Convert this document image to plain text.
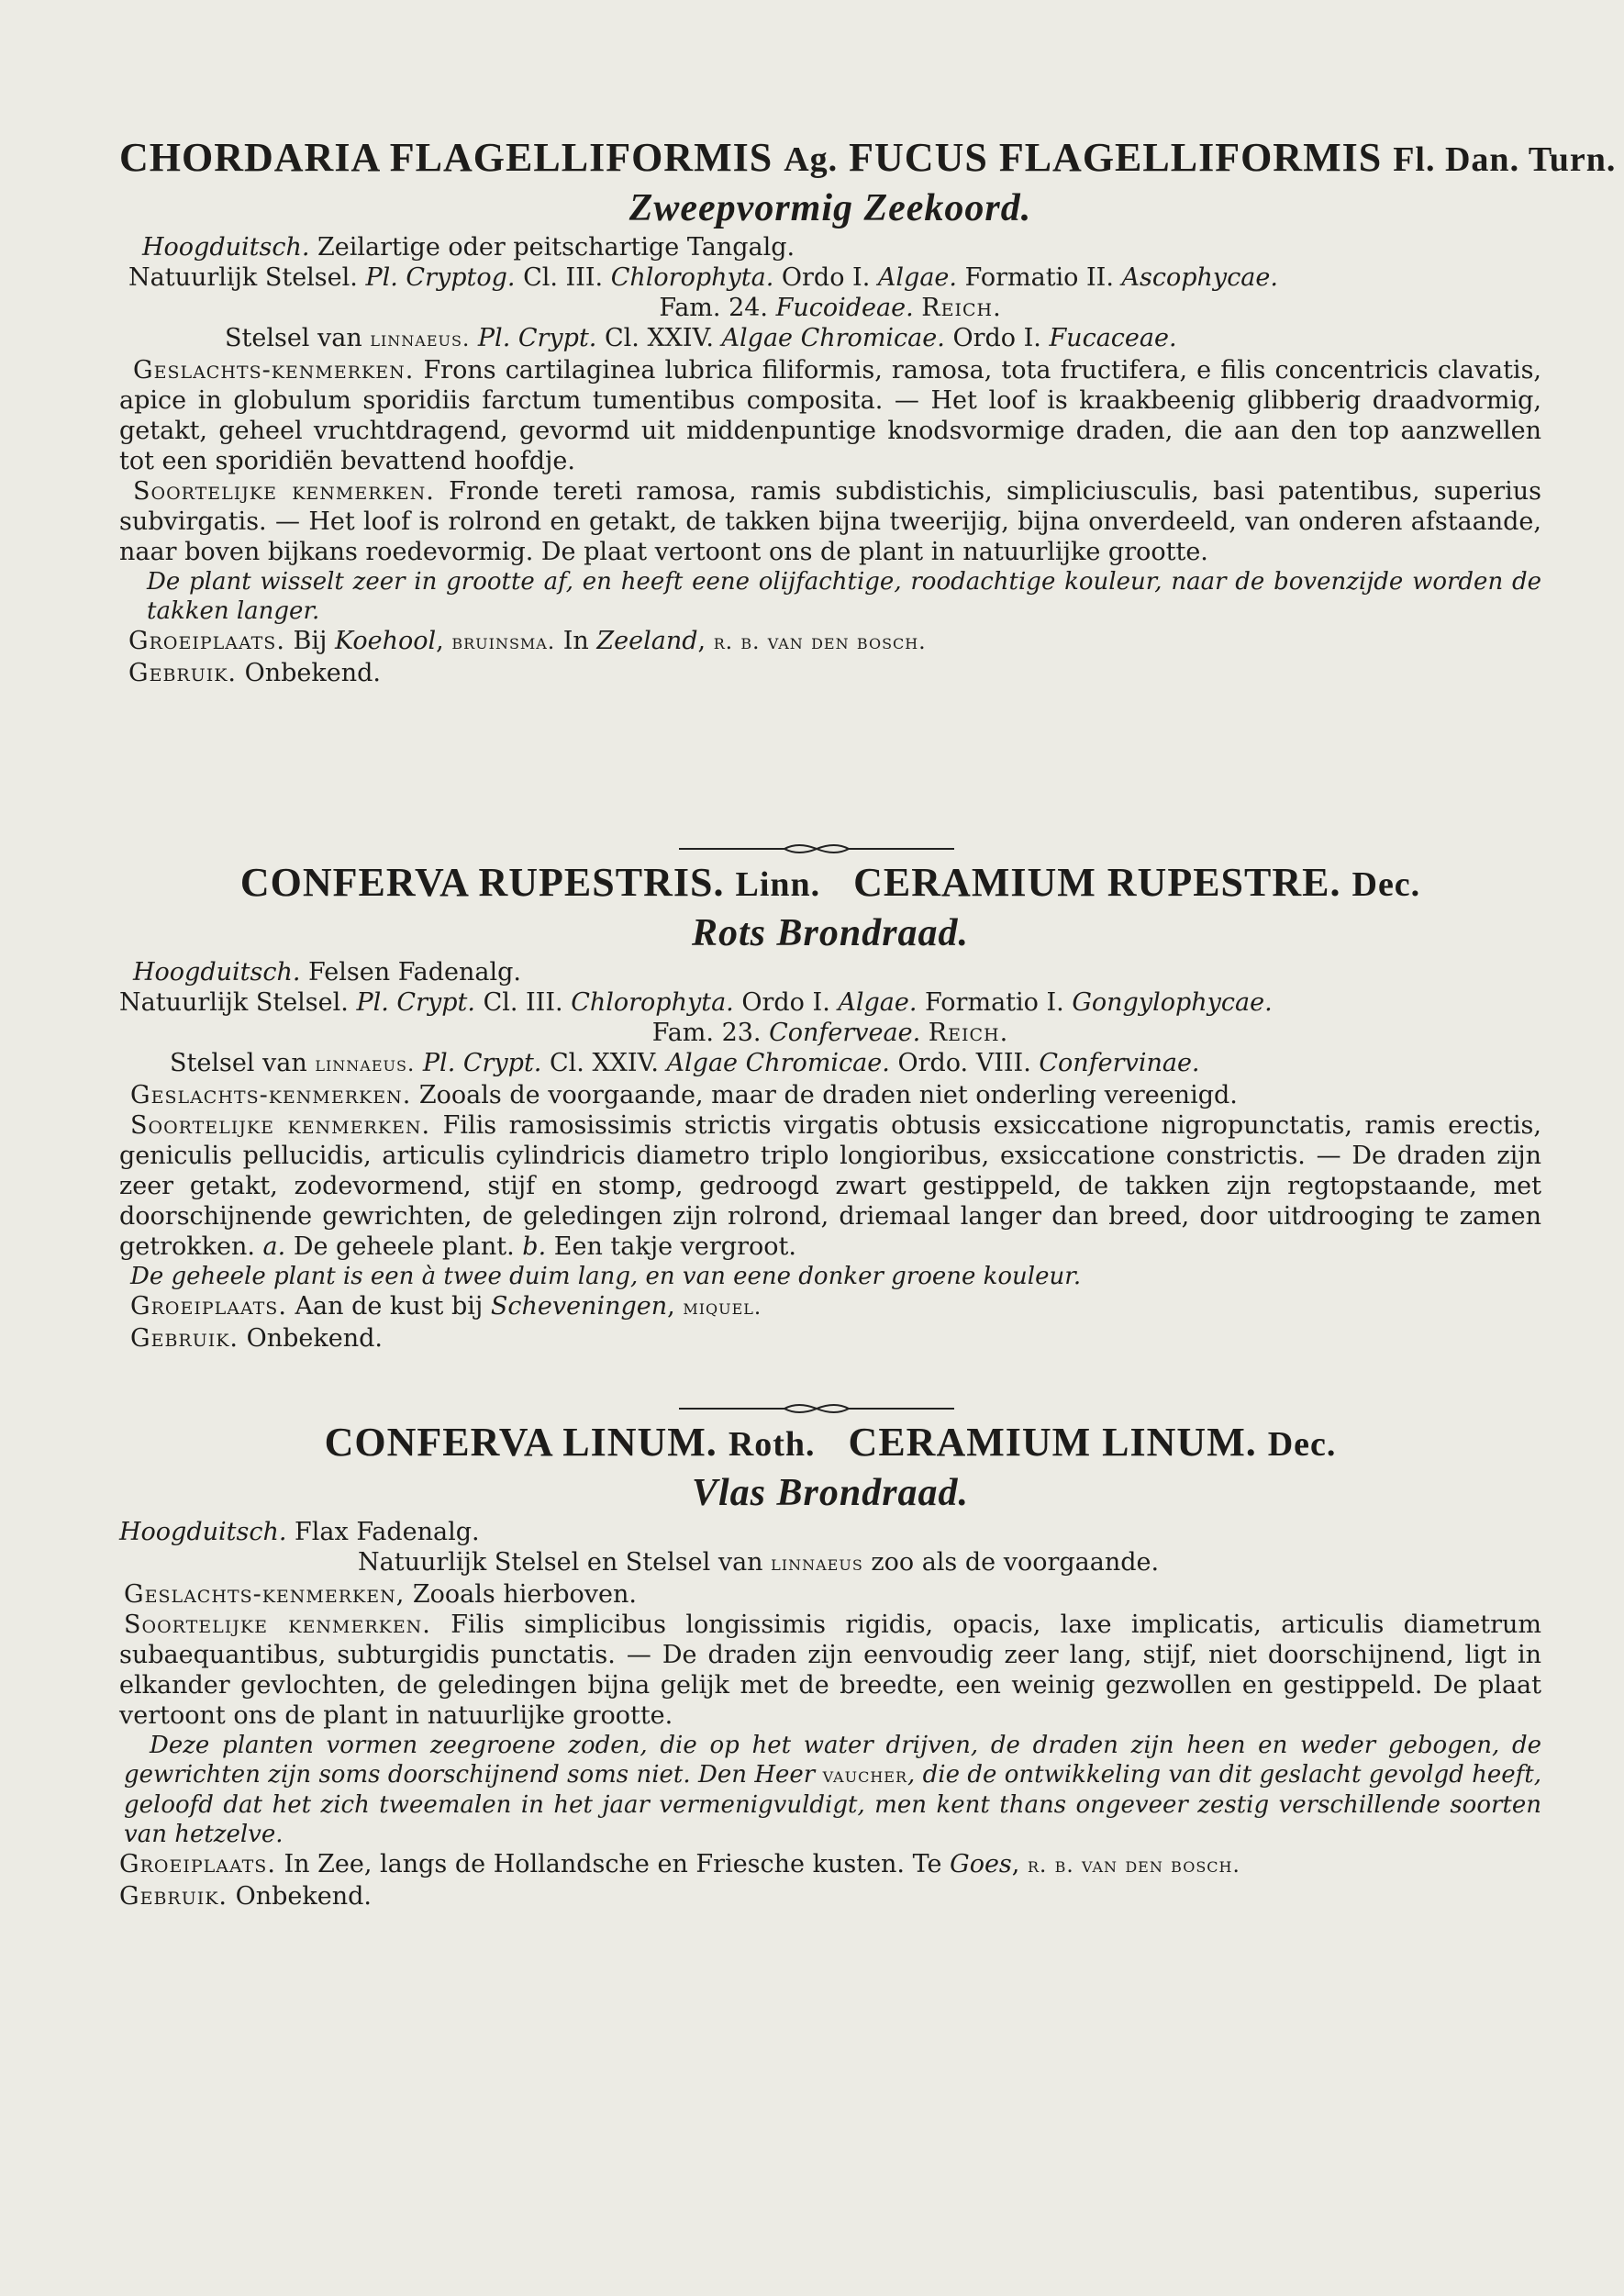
CHORDARIA FLAGELLIFORMIS Ag. FUCUS FLAGELLIFORMIS Fl. Dan. Turn.
Zweepvormig Zeekoord.
Hoogduitsch. Zeilartige oder peitschartige Tangalg.
Natuurlijk Stelsel. Pl. Cryptog. Cl. III. Chlorophyta. Ordo I. Algae. Formatio II. Ascophycae.
Fam. 24. Fucoideae. Reich.
Stelsel van linnaeus. Pl. Crypt. Cl. XXIV. Algae Chromicae. Ordo I. Fucaceae.
Geslachts-kenmerken. Frons cartilaginea lubrica filiformis, ramosa, tota fructifera, e filis concentricis clavatis, apice in globulum sporidiis farctum tumentibus composita. — Het loof is kraakbeenig glibberig draadvormig, getakt, geheel vruchtdragend, gevormd uit middenpuntige knodsvormige draden, die aan den top aanzwellen tot een sporidiën bevattend hoofdje.
Soortelijke kenmerken. Fronde tereti ramosa, ramis subdistichis, simpliciusculis, basi patentibus, superius subvirgatis. — Het loof is rolrond en getakt, de takken bijna tweerijig, bijna onverdeeld, van onderen afstaande, naar boven bijkans roedevormig. De plaat vertoont ons de plant in natuurlijke grootte.
De plant wisselt zeer in grootte af, en heeft eene olijfachtige, roodachtige kouleur, naar de bovenzijde worden de takken langer.
Groeiplaats. Bij Koehool, bruinsma. In Zeeland, r. b. van den bosch.
Gebruik. Onbekend.
CONFERVA RUPESTRIS. Linn. CERAMIUM RUPESTRE. Dec.
Rots Brondraad.
Hoogduitsch. Felsen Fadenalg.
Natuurlijk Stelsel. Pl. Crypt. Cl. III. Chlorophyta. Ordo I. Algae. Formatio I. Gongylophycae.
Fam. 23. Conferveae. Reich.
Stelsel van linnaeus. Pl. Crypt. Cl. XXIV. Algae Chromicae. Ordo. VIII. Confervinae.
Geslachts-kenmerken. Zooals de voorgaande, maar de draden niet onderling vereenigd.
Soortelijke kenmerken. Filis ramosissimis strictis virgatis obtusis exsiccatione nigropunctatis, ramis erectis, geniculis pellucidis, articulis cylindricis diametro triplo longioribus, exsiccatione constrictis. — De draden zijn zeer getakt, zodevormend, stijf en stomp, gedroogd zwart gestippeld, de takken zijn regtopstaande, met doorschijnende gewrichten, de geledingen zijn rolrond, driemaal langer dan breed, door uitdrooging te zamen getrokken. a. De geheele plant. b. Een takje vergroot.
De geheele plant is een à twee duim lang, en van eene donker groene kouleur.
Groeiplaats. Aan de kust bij Scheveningen, miquel.
Gebruik. Onbekend.
CONFERVA LINUM. Roth. CERAMIUM LINUM. Dec.
Vlas Brondraad.
Hoogduitsch. Flax Fadenalg.
Natuurlijk Stelsel en Stelsel van linnaeus zoo als de voorgaande.
Geslachts-kenmerken, Zooals hierboven.
Soortelijke kenmerken. Filis simplicibus longissimis rigidis, opacis, laxe implicatis, articulis diametrum subaequantibus, subturgidis punctatis. — De draden zijn eenvoudig zeer lang, stijf, niet doorschijnend, ligt in elkander gevlochten, de geledingen bijna gelijk met de breedte, een weinig gezwollen en gestippeld. De plaat vertoont ons de plant in natuurlijke grootte.
Deze planten vormen zeegroene zoden, die op het water drijven, de draden zijn heen en weder gebogen, de gewrichten zijn soms doorschijnend soms niet. Den Heer vaucher, die de ontwikkeling van dit geslacht gevolgd heeft, geloofd dat het zich tweemalen in het jaar vermenigvuldigt, men kent thans ongeveer zestig verschillende soorten van hetzelve.
Groeiplaats. In Zee, langs de Hollandsche en Friesche kusten. Te Goes, r. b. van den bosch.
Gebruik. Onbekend.
